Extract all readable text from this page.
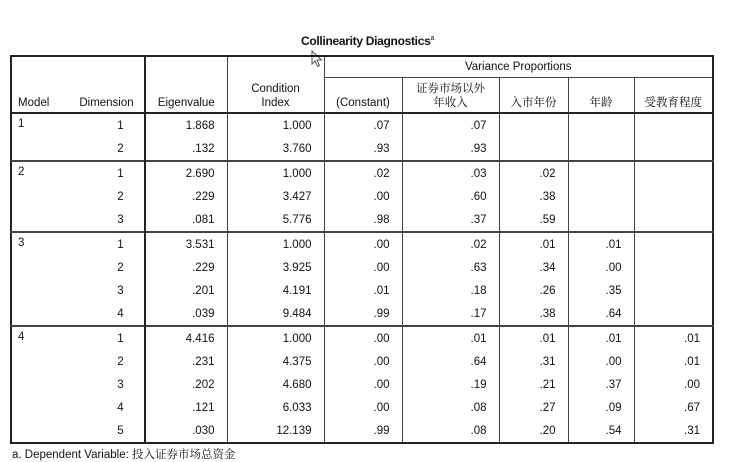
Collinearity Diagnostics$^a$
Model	Dimension	Eigenvalue	Condition Index	Variance Proportions				
				(Constant)	证券市场以外年收入	入市年份	年龄	受教育程度
1	1	1.868	1.000	.07	.07			
	2	.132	3.760	.93	.93			
2	1	2.690	1.000	.02	.03	.02		
	2	.229	3.427	.00	.60	.38		
	3	.081	5.776	.98	.37	.59		
3	1	3.531	1.000	.00	.02	.01	.01	
	2	.229	3.925	.00	.63	.34	.00	
	3	.201	4.191	.01	.18	.26	.35	
	4	.039	9.484	.99	.17	.38	.64	
4	1	4.416	1.000	.00	.01	.01	.01	.01
	2	.231	4.375	.00	.64	.31	.00	.01
	3	.202	4.680	.00	.19	.21	.37	.00
	4	.121	6.033	.00	.08	.27	.09	.67
	5	.030	12.139	.99	.08	.20	.54	.31
a. Dependent Variable: 投入证券市场总资金
